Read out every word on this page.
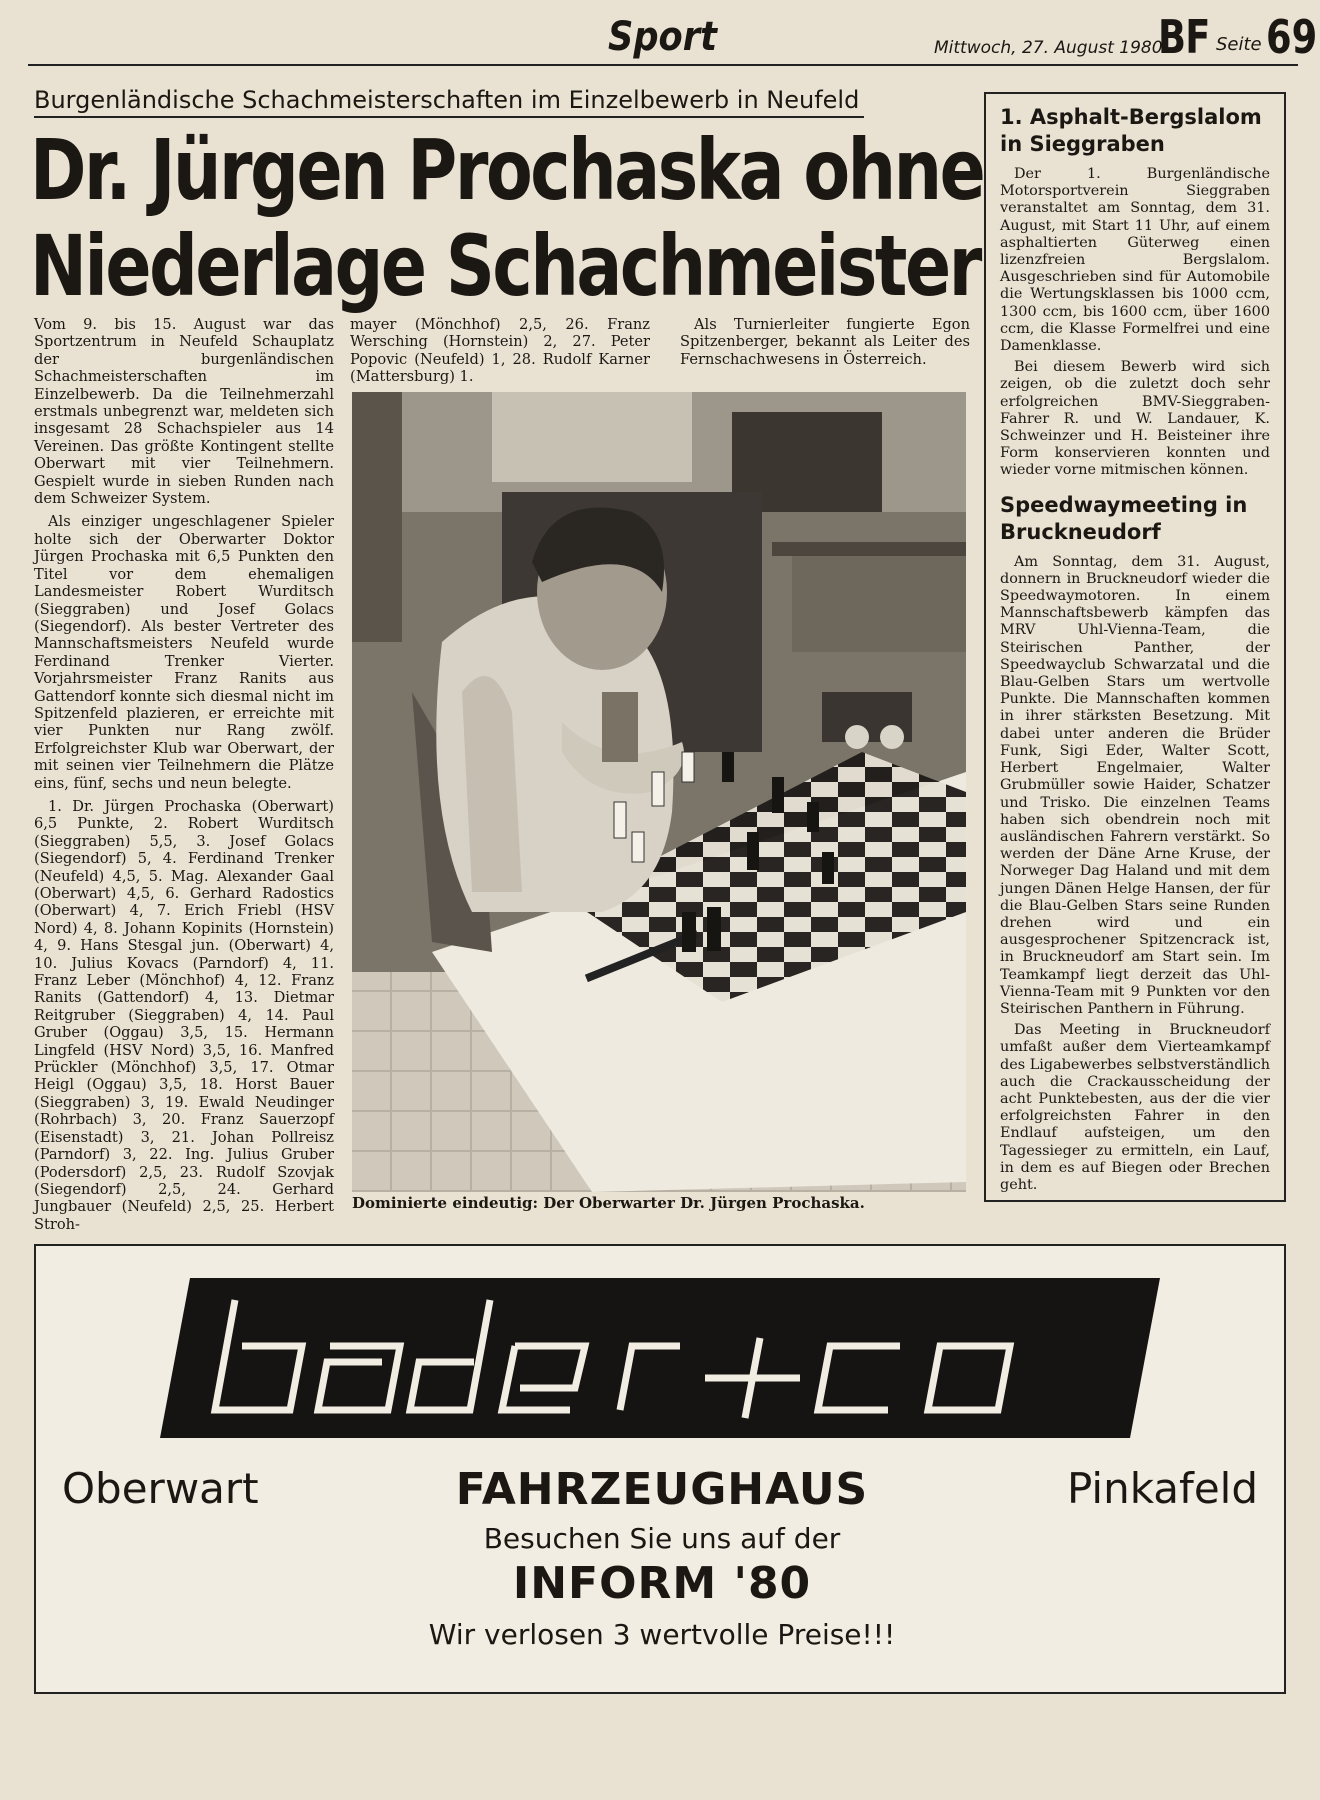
Sport	Mittwoch, 27. August 1980
BF Seite 69
Burgenländische Schachmeisterschaften im Einzelbewerb in Neufeld
Dr. Jürgen Prochaska ohne
Niederlage Schachmeister

Vom 9. bis 15. August war das Sportzentrum in Neufeld Schauplatz der burgenländischen Schachmeisterschaften im Einzelbewerb. Da die Teilnehmerzahl erstmals unbegrenzt war, meldeten sich insgesamt 28 Schachspieler aus 14 Vereinen. Das größte Kontingent stellte Oberwart mit vier Teilnehmern. Gespielt wurde in sieben Runden nach dem Schweizer System.

Als einziger ungeschlagener Spieler holte sich der Oberwarter Doktor Jürgen Prochaska mit 6,5 Punkten den Titel vor dem ehemaligen Landesmeister Robert Wurditsch (Sieggraben) und Josef Golacs (Siegendorf). Als bester Vertreter des Mannschaftsmeisters Neufeld wurde Ferdinand Trenker Vierter. Vorjahrsmeister Franz Ranits aus Gattendorf konnte sich diesmal nicht im Spitzenfeld plazieren, er erreichte mit vier Punkten nur Rang zwölf. Erfolgreichster Klub war Oberwart, der mit seinen vier Teilnehmern die Plätze eins, fünf, sechs und neun belegte.

1. Dr. Jürgen Prochaska (Oberwart) 6,5 Punkte, 2. Robert Wurditsch (Sieggraben) 5,5, 3. Josef Golacs (Siegendorf) 5, 4. Ferdinand Trenker (Neufeld) 4,5, 5. Mag. Alexander Gaal (Oberwart) 4,5, 6. Gerhard Radostics (Oberwart) 4, 7. Erich Friebl (HSV Nord) 4, 8. Johann Kopinits (Hornstein) 4, 9. Hans Stesgal jun. (Oberwart) 4, 10. Julius Kovacs (Parndorf) 4, 11. Franz Leber (Mönchhof) 4, 12. Franz Ranits (Gattendorf) 4, 13. Dietmar Reitgruber (Sieggraben) 4, 14. Paul Gruber (Oggau) 3,5, 15. Hermann Lingfeld (HSV Nord) 3,5, 16. Manfred Prückler (Mönchhof) 3,5, 17. Otmar Heigl (Oggau) 3,5, 18. Horst Bauer (Sieggraben) 3, 19. Ewald Neudinger (Rohrbach) 3, 20. Franz Sauerzopf (Eisenstadt) 3, 21. Johan Pollreisz (Parndorf) 3, 22. Ing. Julius Gruber (Podersdorf) 2,5, 23. Rudolf Szovjak (Siegendorf) 2,5, 24. Gerhard Jungbauer (Neufeld) 2,5, 25. Herbert Stroh-

mayer (Mönchhof) 2,5, 26. Franz Wersching (Hornstein) 2, 27. Peter Popovic (Neufeld) 1, 28. Rudolf Karner (Mattersburg) 1.

Als Turnierleiter fungierte Egon Spitzenberger, bekannt als Leiter des Fernschachwesens in Österreich.

Dominierte eindeutig: Der Oberwarter Dr. Jürgen Prochaska.
1. Asphalt-Bergslalom in Sieggraben

Der 1. Burgenländische Motorsportverein Sieggraben veranstaltet am Sonntag, dem 31. August, mit Start 11 Uhr, auf einem asphaltierten Güterweg einen lizenzfreien Bergslalom. Ausgeschrieben sind für Automobile die Wertungsklassen bis 1000 ccm, 1300 ccm, bis 1600 ccm, über 1600 ccm, die Klasse Formelfrei und eine Damenklasse.

Bei diesem Bewerb wird sich zeigen, ob die zuletzt doch sehr erfolgreichen BMV-Sieggraben-Fahrer R. und W. Landauer, K. Schweinzer und H. Beisteiner ihre Form konservieren konnten und wieder vorne mitmischen können.

Speedwaymeeting in Bruckneudorf

Am Sonntag, dem 31. August, donnern in Bruckneudorf wieder die Speedwaymotoren. In einem Mannschaftsbewerb kämpfen das MRV Uhl-Vienna-Team, die Steirischen Panther, der Speedwayclub Schwarzatal und die Blau-Gelben Stars um wertvolle Punkte. Die Mannschaften kommen in ihrer stärksten Besetzung. Mit dabei unter anderen die Brüder Funk, Sigi Eder, Walter Scott, Herbert Engelmaier, Walter Grubmüller sowie Haider, Schatzer und Trisko. Die einzelnen Teams haben sich obendrein noch mit ausländischen Fahrern verstärkt. So werden der Däne Arne Kruse, der Norweger Dag Haland und mit dem jungen Dänen Helge Hansen, der für die Blau-Gelben Stars seine Runden drehen wird und ein ausgesprochener Spitzencrack ist, in Bruckneudorf am Start sein. Im Teamkampf liegt derzeit das Uhl-Vienna-Team mit 9 Punkten vor den Steirischen Panthern in Führung.

Das Meeting in Bruckneudorf umfaßt außer dem Vierteamkampf des Ligabewerbes selbstverständlich auch die Crackausscheidung der acht Punktebesten, aus der die vier erfolgreichsten Fahrer in den Endlauf aufsteigen, um den Tagessieger zu ermitteln, ein Lauf, in dem es auf Biegen oder Brechen geht.

bader+co
Oberwart	Pinkafeld
FAHRZEUGHAUS
Besuchen Sie uns auf der
INFORM '80
Wir verlosen 3 wertvolle Preise!!!
